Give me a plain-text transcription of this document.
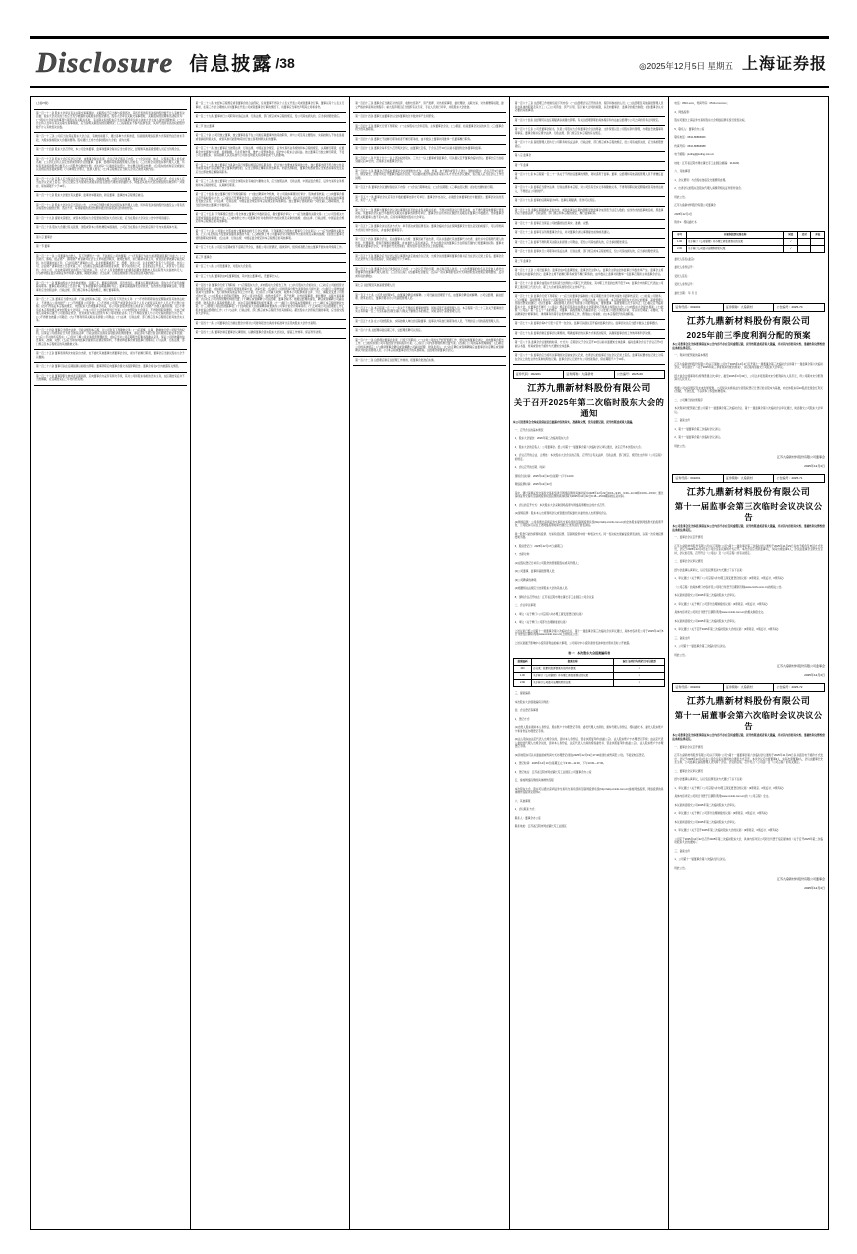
Disclosure 信息披露 /38	◎2025年12月5日 星期五 上海证券报
(上接37版)
第一百一十二条 股东大会审议有关关联交易事项时，关联股东不应当参与投票表决，其所代表的有表决权的股份数不计入有效表决总数；股东大会决议的公告应当充分披露非关联股东的表决情况。股东大会审议关联交易事项时，关联股东的回避和表决程序为：(一)股东大会审议的事项与某股东有关联关系时，有关联关系的股东应当在该事项审议前主动向大会主持人提出回避申请；(二)大会主持人在审议有关关联交易事项前，应当说明关联股东的回避情况；(三)关联股东不参与投票表决，其所代表的有表决权的股份数不计入有效表决总数。
第一百一十三条 公司应当在保证股东大会合法、有效的前提下，通过各种方式和途径，包括提供网络投票方式等现代信息技术手段，为股东参加股东大会提供便利。股东通过上述方式参加股东大会的，视为出席。
第一百一十四条 股东大会召开时，本公司全体董事、监事和董事会秘书应当出席会议，经理和其他高级管理人员应当列席会议。
第一百一十五条 股东大会应有会议记录，由董事会秘书负责。会议记录记载以下内容：(一)会议时间、地点、议程和召集人姓名或名称；(二)会议主持人以及出席或列席会议的董事、监事、经理和其他高级管理人员姓名；(三)出席会议的股东和代理人人数、所持有表决权的股份总数及占公司股份总数的比例；(四)对每一议案的审议经过、发言要点和表决结果；(五)股东的质询意见或建议以及相应的答复或说明；(六)律师及计票人、监票人姓名；(七)本章程规定应当载入会议记录的其他内容。
第一百一十六条 召集人应当保证会议记录内容真实、准确和完整。出席会议的董事、董事会秘书、召集人或其代表、会议主持人应当在会议记录上签名。会议记录应当与现场出席股东的签名册及代理出席的委托书、网络及其他方式表决情况的有效资料一并保存，保存期限不少于10年。
第一百一十七条 股东大会通过有关董事、监事选举提案的，新任董事、监事按本章程规定就任。
第一百一十八条 股东大会决议应当及时公告，公告中应列明出席会议的股东和代理人人数、所持有表决权的股份总数及占公司有表决权股份总数的比例、表决方式、每项提案的表决结果和通过的各项决议的详细内容。
第一百一十九条 提案未获通过，或者本次股东大会变更前次股东大会决议的，应当在股东大会决议公告中作特别提示。
第一百二十条 股东大会通过有关派现、送股或资本公积转增股本提案的，公司应当在股东大会结束后两个月内实施具体方案。
第六章 董事会
第一节 董事
第一百二十一条 公司董事为自然人，有下列情形之一的，不能担任公司的董事：(一)无民事行为能力或者限制民事行为能力；(二)因贪污、贿赂、侵占财产、挪用财产或者破坏社会主义市场经济秩序，被判处刑罚，执行期满未逾五年，或者因犯罪被剥夺政治权利，执行期满未逾五年；(三)担任破产清算的公司、企业的董事或者厂长、经理，对该公司、企业的破产负有个人责任的，自该公司、企业破产清算完结之日起未逾三年；(四)担任因违法被吊销营业执照、责令关闭的公司、企业的法定代表人，并负有个人责任的，自该公司、企业被吊销营业执照之日起未逾三年；(五)个人所负数额较大的债务到期未清偿被人民法院列为失信被执行人；(六)被中国证监会采取证券市场禁入措施，期限未满的；(七)法律、行政法规或部门规章规定的其他内容。
第一百二十二条 董事由股东大会选举或更换，任期三年。董事任期届满，可连选连任。董事在任期届满以前，股东大会不能无故解除其职务。董事任期从就任之日起计算，至本届董事会任期届满时为止。董事任期届满未及时改选，在改选出的董事就任前，原董事仍应当依照法律、行政法规、部门规章和本章程的规定，履行董事职务。
第一百二十三条 董事应当遵守法律、行政法规和本章程，对公司负有下列忠实义务：(一)不得利用职权收受贿赂或者其他非法收入，不得侵占公司的财产；(二)不得挪用公司资金；(三)不得将公司资产或者资金以其个人名义或者以其他个人名义开立账户存储；(四)不得违反本章程的规定，未经股东大会或董事会同意，将公司资金借贷给他人或者以公司财产为他人提供担保；(五)不得违反本章程的规定或未经股东大会同意，与本公司订立合同或者进行交易；(六)未经股东大会同意，不得利用职务便利，为自己或他人谋取本应属于公司的商业机会，自营或者为他人经营与本公司同类的业务；(七)不得接受他人与公司交易的佣金归为己有；(八)不得擅自披露公司秘密；(九)不得利用其关联关系损害公司利益；(十)法律、行政法规、部门规章及本章程规定的其他忠实义务。
第一百二十四条 董事应当遵守法律、行政法规和本章程，对公司负有下列勤勉义务：(一)应谨慎、认真、勤勉地行使公司赋予的权利，以保证公司的商业行为符合国家法律、行政法规以及国家各项经济政策的要求，商业活动不超过营业执照规定的业务范围；(二)应公平对待所有股东；(三)及时了解公司业务经营管理状况；(四)应当对公司定期报告签署书面确认意见。保证公司所披露的信息真实、准确、完整；(五)应当如实向监事会提供有关情况和资料，不得妨碍监事会或者监事行使职权；(六)法律、行政法规、部门规章及本章程规定的其他勤勉义务。
第一百二十五条 董事连续两次未能亲自出席，也不委托其他董事出席董事会会议，视为不能履行职责，董事会应当建议股东大会予以撤换。
第一百二十六条 董事可以在任期届满以前提出辞职。董事辞职应向董事会提交书面辞职报告。董事会将在2日内披露有关情况。
第一百二十七条 董事辞职生效或者任期届满，应向董事会办妥所有移交手续，其对公司和股东承担的忠实义务，在任期结束后并不当然解除，在任期结束后二年内仍然有效。
第一百二十八条 未经本章程规定或者董事会的合法授权，任何董事不得以个人名义代表公司或者董事会行事。董事以其个人名义行事时，在第三方会合理地认为该董事在代表公司或者董事会行事的情况下，该董事应当事先声明其立场和身份。
第一百二十九条 董事执行公司职务时违反法律、行政法规、部门规章或本章程的规定，给公司造成损失的，应当承担赔偿责任。
第二节 独立董事
第一百三十条 公司设独立董事，独立董事是指不在公司担任除董事外的其他职务，并与公司及其主要股东、实际控制人不存在直接或者间接利害关系，或者其他可能影响其进行独立客观判断关系的董事。
第一百三十一条 独立董事应当按照法律、行政法规、中国证监会规定、证券交易所业务规则和本章程的规定，认真履行职责，在董事会中发挥参与决策、监督制衡、专业咨询作用，维护公司整体利益，保护中小股东合法权益。独立董事应当独立履行职责，不受公司主要股东、实际控制人以及其他与公司存在利害关系的单位或个人的影响。
第一百三十二条 独立董事应当具备与其行使职权相适应的任职条件，符合独立性要求并保持独立性。独立董事出现不符合独立性条件或者其他不适宜履行独立董事的情形的，应当立即停止履职并辞去职务。未提出辞职的，董事会知悉或者应当知悉该事实发生后应当立即按规定解除其职务。
第一百三十三条 独立董事对公司及全体股东负有诚信与勤勉义务，应当按照法律、行政法规、中国证监会规定、证券交易所业务规则和本章程的规定，认真履行职责。
第一百三十四条 独立董事行使下列特别职权：(一)独立聘请中介机构，对公司具体事项进行审计、咨询或者核查；(二)向董事会提议召开临时股东大会；(三)提议召开董事会会议；(四)依法公开向股东征集股东权利；(五)对可能损害公司或者中小股东权益的事项发表独立意见；(六)法律、行政法规、中国证监会规定和本章程规定的其他职权。独立董事行使前款第(一)项至第(三)项职权的，应当经全体独立董事过半数同意。
第一百三十五条 下列事项应当经公司全体独立董事过半数同意后，提交董事会审议：(一)应当披露的关联交易；(二)公司及相关方变更或者豁免承诺的方案；(三)被收购上市公司董事会针对收购所作出的决策及采取的措施；(四)法律、行政法规、中国证监会规定和本章程规定的其他事项。
第一百三十六条 公司建立全部由独立董事参加的专门会议机制。下列事项应当经独立董事专门会议审议：(一)应当披露的关联交易；(二)公司及相关方变更或者豁免承诺的方案；(三)被收购上市公司董事会针对收购所作出的决策及采取的措施；(四)独立董事行使特别职权的事项；(五)法律、行政法规、中国证监会规定和本章程规定的其他事项。
第一百三十七条 公司应当定期或者不定期召开会议，通报公司运营情况，提供资料，组织或者配合独立董事开展实地考察等工作。
第三节 董事会
第一百三十八条 公司设董事会，对股东大会负责。
第一百三十九条 董事会由9名董事组成，其中独立董事3名，设董事长1人。
第一百四十条 董事会行使下列职权：(一)召集股东大会，并向股东大会报告工作；(二)执行股东大会的决议；(三)决定公司的经营计划和投资方案；(四)制订公司的年度财务预算方案、决算方案；(五)制订公司的利润分配方案和弥补亏损方案；(六)制订公司增加或者减少注册资本、发行债券或其他证券及上市方案；(七)拟订公司重大收购、收购本公司股票或者合并、分立、解散及变更公司形式的方案；(八)在股东大会授权范围内，决定公司对外投资、收购出售资产、资产抵押、对外担保事项、委托理财、关联交易等事项；(九)决定公司内部管理机构的设置；(十)聘任或者解聘公司总经理、董事会秘书；根据总经理的提名，聘任或者解聘公司副总经理、财务负责人等高级管理人员，并决定其报酬事项和奖惩事项；(十一)制订公司的基本管理制度；(十二)制订本章程的修改方案；(十三)管理公司信息披露事项；(十四)向股东大会提请聘请或更换为公司审计的会计师事务所；(十五)听取公司总经理的工作汇报并检查总经理的工作；(十六)法律、行政法规、部门规章或本章程授予的其他职权。超过股东大会授权范围的事项，应当提交股东大会审议。
第一百四十一条 公司董事会应当就注册会计师对公司财务报告出具的非标准审计意见向股东大会作出说明。
第一百四十二条 董事会制定董事会议事规则，以确保董事会落实股东大会决议，提高工作效率，保证科学决策。
第一百四十三条 董事会应当确定对外投资、收购出售资产、资产抵押、对外担保事项、委托理财、关联交易、对外捐赠等权限，建立严格的审查和决策程序；重大投资项目应当组织有关专家、专业人员进行评审，并报股东大会批准。
第一百四十四条 董事长由董事会以全体董事的过半数选举产生和罢免。
第一百四十五条 董事长行使下列职权：(一)主持股东大会和召集、主持董事会会议；(二)督促、检查董事会决议的执行；(三)董事会授予的其他职权。
第一百四十六条 董事长不能履行职务或者不履行职务的，由半数以上董事共同推举一名董事履行职务。
第一百四十七条 董事会每年至少召开两次会议，由董事长召集，于会议召开10日以前书面通知全体董事和监事。
第一百四十八条 代表十分之一以上表决权的股东、三分之一以上董事或者监事会，可以提议召开董事会临时会议。董事长应当自接到提议后10日内，召集和主持董事会会议。
第一百四十九条 董事会召开临时董事会会议的通知方式为：书面、传真、电子邮件或者专人送达；通知时限为：会议召开3日前发出。情况紧急，需要尽快召开董事会临时会议的，可以随时通过电话或者其他口头方式发出会议通知，但召集人应当在会议上作出说明。
第一百五十条 董事会会议通知包括以下内容：(一)会议日期和地点；(二)会议期限；(三)事由及议题；(四)发出通知的日期。
第一百五十一条 董事会会议应有过半数的董事出席方可举行。董事会作出决议，必须经全体董事的过半数通过。董事会决议的表决，实行一人一票。
第一百五十二条 董事与董事会会议决议事项所涉及的企业有关联关系的，不得对该项决议行使表决权，也不得代理其他董事行使表决权。该董事会会议由过半数的无关联关系董事出席即可举行，董事会会议所作决议须经无关联关系董事过半数通过。出席董事会的无关联董事人数不足3人的，应将该事项提交股东大会审议。
第一百五十三条 董事会决议表决方式为：举手表决或者投票表决。董事会临时会议在保障董事充分表达意见的前提下，可以用传真方式进行并作出决议，并由参会董事签字。
第一百五十四条 董事会会议，应由董事本人出席；董事因故不能出席，可以书面委托其他董事代为出席，委托书中应载明代理人的姓名、代理事项、授权范围和有效期限，并由委托人签名或盖章。代为出席会议的董事应当在授权范围内行使董事的权利。董事未出席某次董事会会议，亦未委托代表出席的，视为放弃在该次会议上的投票权。
第一百五十五条 董事会应当对会议所议事项的决定做成会议记录，出席会议的董事和董事会秘书应当在会议记录上签名。董事会会议记录作为公司档案保存，保存期限不少于10年。
第一百五十六条 董事会会议记录包括以下内容：(一)会议召开的日期、地点和召集人姓名；(二)出席董事的姓名以及受他人委托出席董事会的董事(代理人)姓名；(三)会议议程；(四)董事发言要点；(五)每一决议事项的表决方式和结果(表决结果应载明赞成、反对或弃权的票数)。
第七章 总经理及其他高级管理人员
第一百五十七条 公司设总经理1名，由董事会聘任或解聘。公司设副总经理若干名，由董事会聘任或解聘。公司总经理、副总经理、财务负责人、董事会秘书为公司高级管理人员。
第一百五十八条 本章程第一百二十一条关于不得担任董事的情形，同时适用于高级管理人员。本章程第一百二十三条关于董事的忠实义务和第一百二十四条第(四)项至第(六)项关于勤勉义务的规定，同时适用于高级管理人员。
第一百五十九条 在公司控股股东、实际控制人单位担任除董事、监事以外其他行政职务的人员，不得担任公司的高级管理人员。
第一百六十条 总经理每届任期三年，总经理连聘可以连任。
第一百六十一条 总经理对董事会负责，行使下列职权：(一)主持公司的生产经营管理工作，组织实施董事会决议，并向董事会报告工作；(二)组织实施公司年度经营计划和投资方案；(三)拟订公司内部管理机构设置方案；(四)拟订公司的基本管理制度；(五)制定公司的具体规章；(六)提请董事会聘任或者解聘公司副总经理、财务负责人；(七)决定聘任或者解聘除应由董事会决定聘任或者解聘以外的负责管理人员；(八)本章程或董事会授予的其他职权。总经理列席董事会会议。
第一百六十二条 总经理应制定总经理工作细则，报董事会批准后实施。
第一百六十三条 总经理工作细则包括下列内容：(一)总经理会议召开的条件、程序和参加的人员；(二)总经理及其他高级管理人员各自具体的职责及其分工；(三)公司资金、资产运用，签订重大合同的权限，以及向董事会、监事会的报告制度；(四)董事会认为必要的其他事项。
第一百六十四条 总经理可以在任期届满以前提出辞职。有关总经理辞职的具体程序和办法由总经理与公司之间的劳务合同规定。
第一百六十五条 公司设董事会秘书，负责公司股东大会和董事会会议的筹备、文件保管以及公司股东资料管理，办理信息披露事务等事宜。董事会秘书应遵守法律、行政法规、部门规章及本章程的有关规定。
第一百六十六条 高级管理人员执行公司职务时违反法律、行政法规、部门规章或本章程的规定，给公司造成损失的，应当承担赔偿责任。
第八章 监事会
第一节 监事
第一百六十七条 本章程第一百二十一条关于不得担任董事的情形，同时适用于监事。董事、总经理和其他高级管理人员不得兼任监事。
第一百六十八条 监事应当遵守法律、行政法规和本章程，对公司负有忠实义务和勤勉义务，不得利用职权收受贿赂或者其他非法收入，不得侵占公司的财产。
第一百六十九条 监事的任期每届为3年。监事任期届满，连选可以连任。
第一百七十条 监事任期届满未及时改选，或者监事在任期内辞职导致监事会成员低于法定人数的，在改选出的监事就任前，原监事仍应当依照法律、行政法规、部门规章和本章程的规定，履行监事职务。
第一百七十一条 监事应当保证公司披露的信息真实、准确、完整。
第一百七十二条 监事可以列席董事会会议，并对董事会决议事项提出质询或者建议。
第一百七十三条 监事不得利用其关联关系损害公司利益，若给公司造成损失的，应当承担赔偿责任。
第一百七十四条 监事执行公司职务时违反法律、行政法规、部门规章或本章程的规定，给公司造成损失的，应当承担赔偿责任。
第二节 监事会
第一百七十五条 公司设监事会。监事会由3名监事组成，监事会设主席1人。监事会主席由全体监事过半数选举产生。监事会主席召集和主持监事会会议；监事会主席不能履行职务或者不履行职务的，由半数以上监事共同推举一名监事召集和主持监事会会议。
第一百七十六条 监事会由股东代表和适当比例的公司职工代表组成，其中职工代表的比例不低于1/3。监事会中的职工代表由公司职工通过职工代表大会、职工大会或者其他形式民主选举产生。
第一百七十七条 监事会行使下列职权：(一)应当对董事会编制的公司定期报告进行审核并提出书面审核意见；(二)检查公司财务；(三)对董事、高级管理人员执行公司职务的行为进行监督，对违反法律、行政法规、本章程或者股东大会决议的董事、高级管理人员提出罢免的建议；(四)当董事、高级管理人员的行为损害公司的利益时，要求董事、高级管理人员予以纠正；(五)提议召开临时股东大会，在董事会不履行《公司法》规定的召集和主持股东大会职责时召集和主持股东大会；(六)向股东大会提出提案；(七)依照《公司法》第一百五十一条的规定，对董事、高级管理人员提起诉讼；(八)发现公司经营情况异常，可以进行调查；必要时，可以聘请会计师事务所、律师事务所等专业机构协助其工作，费用由公司承担；(九)本章程授予的其他职权。
第一百七十八条 监事会每6个月至少召开一次会议。监事可以提议召开临时监事会会议。监事会决议应当经半数以上监事通过。
第一百七十九条 监事会制定监事会议事规则，明确监事会的议事方式和表决程序，以确保监事会的工作效率和科学决策。
第一百八十条 监事会会议通知的时间、方式为：定期会议于会议召开10日以前书面通知全体监事；临时监事会会议于会议召开3日前以书面、传真或者电子邮件方式通知全体监事。
第一百八十一条 监事会应当将所议事项的决定做成会议记录，出席会议的监事应当在会议记录上签名。监事有权要求在记录上对其在会议上的发言作出某种说明性记载。监事会会议记录作为公司档案保存，保存期限不少于10年。
证券代码：002201	证券简称：九鼎新材	公告编号：2025-69
江苏九鼎新材料股份有限公司
关于召开2025年第二次临时股东大会的通知
本公司及董事会全体成员保证信息披露内容的真实、准确和完整，没有虚假记载、误导性陈述或重大遗漏。
一、召开会议的基本情况
1、股东大会届次：2025年第二次临时股东大会
2、股东大会的召集人：公司董事会。经公司第十一届董事会第六次临时会议审议通过，决定召开本次股东大会。
3、会议召开的合法、合规性：本次股东大会会议的召集、召开符合有关法律、行政法规、部门规章、规范性文件和《公司章程》的规定。
4、会议召开的日期、时间：
现场会议时间：2025年12月22日(星期一)下午14:00
网络投票时间：2025年12月22日
其中，通过深圳证券交易所交易系统进行网络投票的具体时间为2025年12月22日9:15—9:25，9:30—11:30和13:00—15:00；通过深圳证券交易所互联网投票系统投票的具体时间为2025年12月22日9:15—15:00期间的任意时间。
5、会议的召开方式：本次股东大会采取现场投票与网络投票相结合的方式召开。
(1)现场投票：股东本人出席现场会议或者通过授权委托书委托他人出席现场会议。
(2)网络投票：公司将通过深圳证券交易所交易系统和互联网投票系统(http://wltp.cninfo.com.cn)向全体股东提供网络形式的投票平台，公司股东可以在上述网络投票时间内通过上述系统行使表决权。
同一股份只能选择现场投票、交易系统投票、互联网投票中的一种表决方式。同一表决权出现重复投票表决的，以第一次有效投票结果为准。
6、股权登记日：2025年12月17日(星期三)
7、出席对象：
(1)在股权登记日持有公司股份的普通股股东或其代理人；
(2)公司董事、监事和高级管理人员；
(3)公司聘请的律师；
(4)根据相关法规应当出席股东大会的其他人员。
8、现场会议召开地点：江苏省江阴市周庄镇长寿工业园区公司会议室
二、会议审议事项
1、审议《关于修订<公司章程>并办理工商变更登记的议案》
2、审议《关于修订公司部分治理制度的议案》
上述议案已经公司第十一届董事会第六次临时会议、第十一届监事会第三次临时会议审议通过，具体内容详见公司于2025年12月5日刊登在巨潮资讯网(www.cninfo.com.cn)上的相关公告。
上述议案属于影响中小投资者利益的重大事项，公司将对中小投资者的表决单独计票并及时公开披露。
表一：本次股东大会提案编码表
提案编码	提案名称	备注 该列打勾的栏目可以投票
100	总议案：除累积投票提案外的所有提案	√
1.00	关于修订《公司章程》并办理工商变更登记的议案	√
2.00	关于修订公司部分治理制度的议案	√
三、提案编码
本次股东大会提案编码示例表：
四、会议登记等事项
1、登记方式：
(1)自然人股东须持本人身份证、股东账户卡办理登记手续；委托代理人出席的，须持代理人身份证、授权委托书、委托人股东账户卡和身份证办理登记手续。
(2)法人股东由法定代表人出席会议的，需持本人身份证、营业执照复印件(加盖公章)、法人股东账户卡办理登记手续；由法定代表人委托的代理人出席会议的，需持本人身份证、法定代表人出具的授权委托书、营业执照复印件(加盖公章)、法人股东账户卡办理登记手续。
(3)异地股东可以书面信函或传真方式办理登记(须在2025年12月19日17:00前送达或传真至公司)，不接受电话登记。
2、登记时间：2025年12月19日(星期五)上午9:00—11:30，下午13:30—17:00。
3、登记地点：江苏省江阴市周庄镇长寿工业园区公司董事会办公室
五、参加网络投票的具体操作流程
本次股东大会，股东可以通过深圳证券交易所交易系统和互联网投票系统(http://wltp.cninfo.com.cn)参加网络投票，网络投票的具体操作流程详见附件2。
六、其他事项
1、会议联系方式：
联系人：董事会办公室
联系地址：江苏省江阴市周庄镇长寿工业园区
电话：0510-xxxx，传真号码：0510-xxxxxxxx；
4、网络投票：
股东可通过上海证券交易所股东大会网络投票系统行使表决权。
5、联系人：董事会办公室
联系电话：0510-86866666
传真号码：0510-86866688
电子邮箱：jiuding@jiuding.com.cn
地址：江苏省江阴市周庄镇长寿工业园区(邮编：214423)
六、其他事项
1、会议费用：与会股东食宿及交通费用自理。
2、出席会议的股东及股东代理人请携带相关证件原件到会。
特此公告。
江苏九鼎新材料股份有限公司董事会
2025年12月4日
附件1：授权委托书
序号	非累积投票议案名称	同意	反对	弃权
1.00	关于修订《公司章程》并办理工商变更登记的议案	√		
2.00	关于修订公司部分治理制度的议案	√		
委托人签名(盖章)：
委托人身份证号：
受托人签名：
受托人身份证号：
委托日期： 年 月 日
证券代码：002201	证券简称：九鼎新材	公告编号：2025-70
江苏九鼎新材料股份有限公司
2025年前三季度利润分配的预案
本公司董事会及全体董事保证本公告内容不存在任何虚假记载、误导性陈述或者重大遗漏，并对其内容的真实性、准确性和完整性依法承担法律责任。
一、利润分配预案的基本情况
江苏九鼎新材料股份有限公司(以下简称“公司”)于2025年12月4日召开第十一届董事会第三次临时会议和第十一届监事会第六次临时会议，审议通过了《关于2025年前三季度利润分配的预案》，该议案尚需提交公司股东大会审议。
经大信会计师事务所(特殊普通合伙)审计，截至2025年9月30日，公司合并报表期末未分配利润为人民币元，母公司期末未分配利润为人民币元。
根据公司实际情况及未来发展规划，公司拟以实施权益分派股权登记日登记的总股本为基数，向全体股东每10股派发现金红利元(含税)，不送红股，不以资本公积金转增股本。
二、公司履行的决策程序
本次利润分配预案已经公司第十一届董事会第三次临时会议、第十一届监事会第六次临时会议审议通过，尚需提交公司股东大会审议。
三、备查文件
1、第十一届董事会第三次临时会议决议；
2、第十一届监事会第六次临时会议决议。
特此公告。
江苏九鼎新材料股份有限公司董事会
2025年12月4日
证券代码：002201	证券简称：九鼎新材	公告编号：2025-71
江苏九鼎新材料股份有限公司
第十一届监事会第三次临时会议决议公告
本公司监事会及全体监事保证本公告内容不存在任何虚假记载、误导性陈述或者重大遗漏，并对其内容的真实性、准确性和完整性依法承担法律责任。
一、监事会会议召开情况
江苏九鼎新材料股份有限公司(以下简称“公司”)第十一届监事会第三次临时会议通知于2025年11月29日以电子邮件及电话方式发出，会议于2025年12月4日在公司会议室以现场方式召开。本次会议应出席监事3人，实际出席监事3人，会议由监事会主席先生主持，会议的召集、召开符合《公司法》及《公司章程》的有关规定。
二、监事会会议审议情况
经与会监事认真审议，以记名投票表决方式通过了以下议案：
1、审议通过《关于修订<公司章程>并办理工商变更登记的议案》(3票同意、0票反对、0票弃权)
《公司章程》的具体修订内容详见公司同日刊登于巨潮资讯网(www.cninfo.com.cn)的相关公告。
本议案尚需提交公司2025年第二次临时股东大会审议。
2、审议通过《关于修订公司部分治理制度的议案》(3票同意、0票反对、0票弃权)
具体内容详见公司同日刊登于巨潮资讯网(www.cninfo.com.cn)的相关制度全文。
本议案尚需提交公司2025年第二次临时股东大会审议。
3、审议通过《关于召开2025年第二次临时股东大会的议案》(3票同意、0票反对、0票弃权)
三、备查文件
1、公司第十一届监事会第三次临时会议决议。
特此公告。
江苏九鼎新材料股份有限公司监事会
2025年12月4日
证券代码：002201	证券简称：九鼎新材	公告编号：2025-72
江苏九鼎新材料股份有限公司
第十一届董事会第六次临时会议决议公告
本公司董事会及全体董事保证本公告内容不存在任何虚假记载、误导性陈述或者重大遗漏，并对其内容的真实性、准确性和完整性依法承担法律责任。
一、董事会会议召开情况
江苏九鼎新材料股份有限公司(以下简称“公司”)第十一届董事会第六次临时会议通知于2025年11月29日以书面及电子邮件方式发出，会议于2025年12月4日在公司会议室以现场结合通讯方式召开。本次会议应出席董事9人，实际出席董事9人，会议由董事长先生主持，公司监事及高级管理人员列席了会议。会议的召集、召开符合《公司法》及《公司章程》的有关规定。
二、董事会会议审议情况
经与会董事认真审议，以记名投票表决方式通过了以下议案：
1、审议通过《关于修订<公司章程>并办理工商变更登记的议案》(9票同意、0票反对、0票弃权)
具体内容详见公司同日刊登于巨潮资讯网(www.cninfo.com.cn)的《公司章程》全文。
本议案尚需提交公司2025年第二次临时股东大会审议。
2、审议通过《关于修订公司部分治理制度的议案》(9票同意、0票反对、0票弃权)
本议案尚需提交公司2025年第二次临时股东大会审议。
3、审议通过《关于召开2025年第二次临时股东大会的议案》(9票同意、0票反对、0票弃权)
公司定于2025年12月22日召开2025年第二次临时股东大会，具体内容详见公司同日刊登于指定媒体的《关于召开2025年第二次临时股东大会的通知》。
三、备查文件
1、公司第十一届董事会第六次临时会议决议。
特此公告。
江苏九鼎新材料股份有限公司董事会
2025年12月4日
